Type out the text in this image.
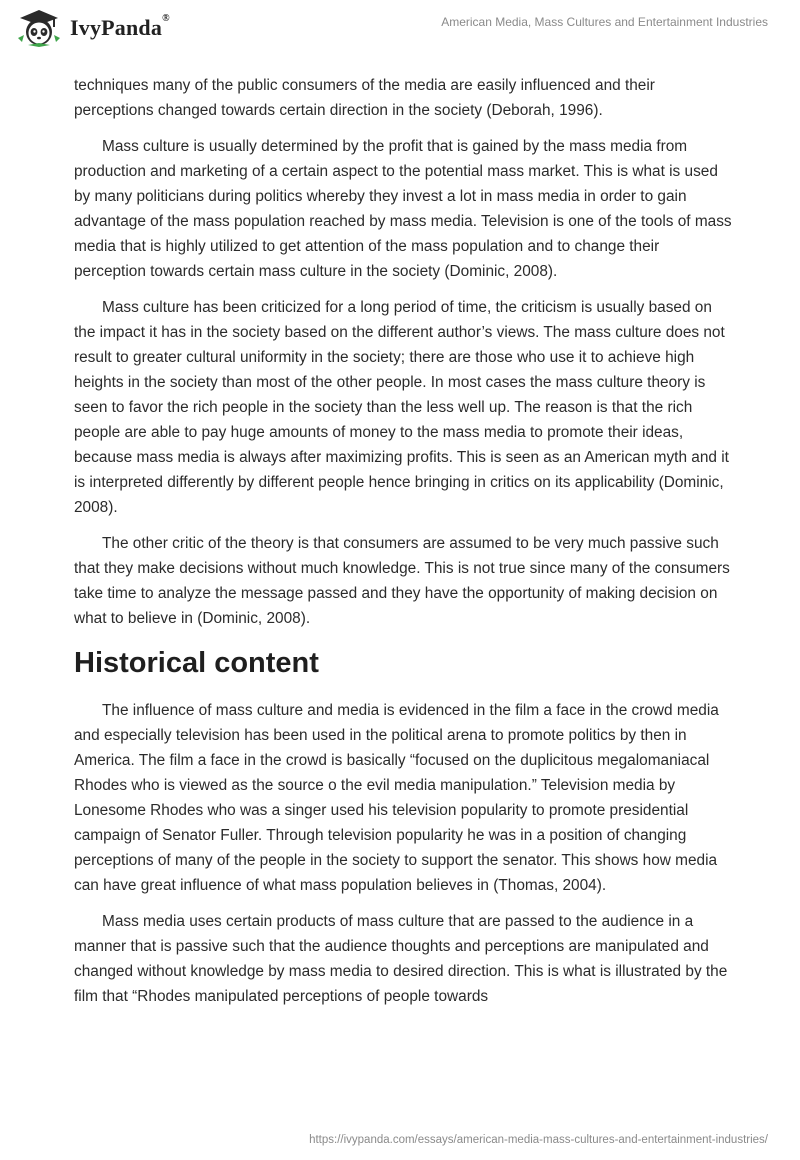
IvyPanda®	American Media, Mass Cultures and Entertainment Industries

techniques many of the public consumers of the media are easily influenced and their perceptions changed towards certain direction in the society (Deborah, 1996).

Mass culture is usually determined by the profit that is gained by the mass media from production and marketing of a certain aspect to the potential mass market. This is what is used by many politicians during politics whereby they invest a lot in mass media in order to gain advantage of the mass population reached by mass media. Television is one of the tools of mass media that is highly utilized to get attention of the mass population and to change their perception towards certain mass culture in the society (Dominic, 2008).

Mass culture has been criticized for a long period of time, the criticism is usually based on the impact it has in the society based on the different author’s views. The mass culture does not result to greater cultural uniformity in the society; there are those who use it to achieve high heights in the society than most of the other people. In most cases the mass culture theory is seen to favor the rich people in the society than the less well up. The reason is that the rich people are able to pay huge amounts of money to the mass media to promote their ideas, because mass media is always after maximizing profits. This is seen as an American myth and it is interpreted differently by different people hence bringing in critics on its applicability (Dominic, 2008).

The other critic of the theory is that consumers are assumed to be very much passive such that they make decisions without much knowledge. This is not true since many of the consumers take time to analyze the message passed and they have the opportunity of making decision on what to believe in (Dominic, 2008).

Historical content

The influence of mass culture and media is evidenced in the film a face in the crowd media and especially television has been used in the political arena to promote politics by then in America. The film a face in the crowd is basically “focused on the duplicitous megalomaniacal Rhodes who is viewed as the source o the evil media manipulation.” Television media by Lonesome Rhodes who was a singer used his television popularity to promote presidential campaign of Senator Fuller. Through television popularity he was in a position of changing perceptions of many of the people in the society to support the senator. This shows how media can have great influence of what mass population believes in (Thomas, 2004).

Mass media uses certain products of mass culture that are passed to the audience in a manner that is passive such that the audience thoughts and perceptions are manipulated and changed without knowledge by mass media to desired direction. This is what is illustrated by the film that “Rhodes manipulated perceptions of people towards

https://ivypanda.com/essays/american-media-mass-cultures-and-entertainment-industries/
